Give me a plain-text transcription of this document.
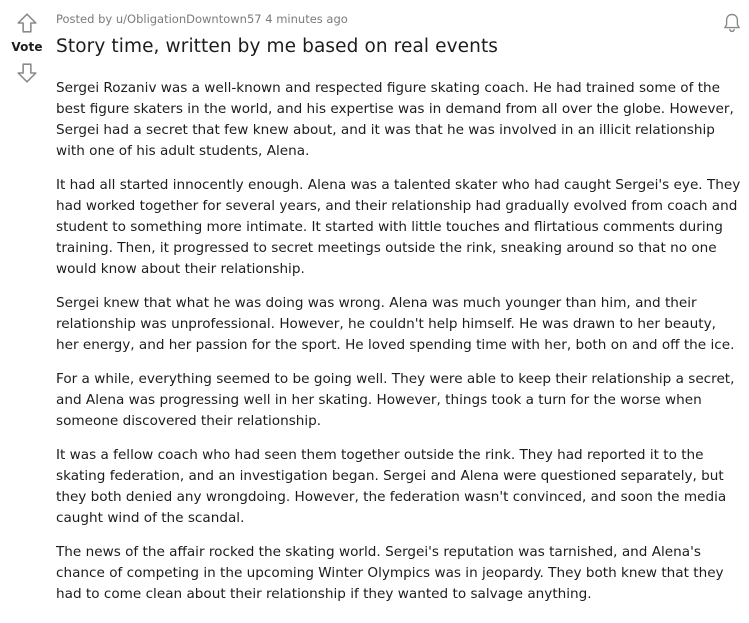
Vote
Posted by u/ObligationDowntown57 4 minutes ago
Story time, written by me based on real events

Sergei Rozaniv was a well-known and respected figure skating coach. He had trained some of the best figure skaters in the world, and his expertise was in demand from all over the globe. However, Sergei had a secret that few knew about, and it was that he was involved in an illicit relationship with one of his adult students, Alena.

It had all started innocently enough. Alena was a talented skater who had caught Sergei's eye. They had worked together for several years, and their relationship had gradually evolved from coach and student to something more intimate. It started with little touches and flirtatious comments during training. Then, it progressed to secret meetings outside the rink, sneaking around so that no one would know about their relationship.

Sergei knew that what he was doing was wrong. Alena was much younger than him, and their relationship was unprofessional. However, he couldn't help himself. He was drawn to her beauty, her energy, and her passion for the sport. He loved spending time with her, both on and off the ice.

For a while, everything seemed to be going well. They were able to keep their relationship a secret, and Alena was progressing well in her skating. However, things took a turn for the worse when someone discovered their relationship.

It was a fellow coach who had seen them together outside the rink. They had reported it to the skating federation, and an investigation began. Sergei and Alena were questioned separately, but they both denied any wrongdoing. However, the federation wasn't convinced, and soon the media caught wind of the scandal.

The news of the affair rocked the skating world. Sergei's reputation was tarnished, and Alena's chance of competing in the upcoming Winter Olympics was in jeopardy. They both knew that they had to come clean about their relationship if they wanted to salvage anything.
